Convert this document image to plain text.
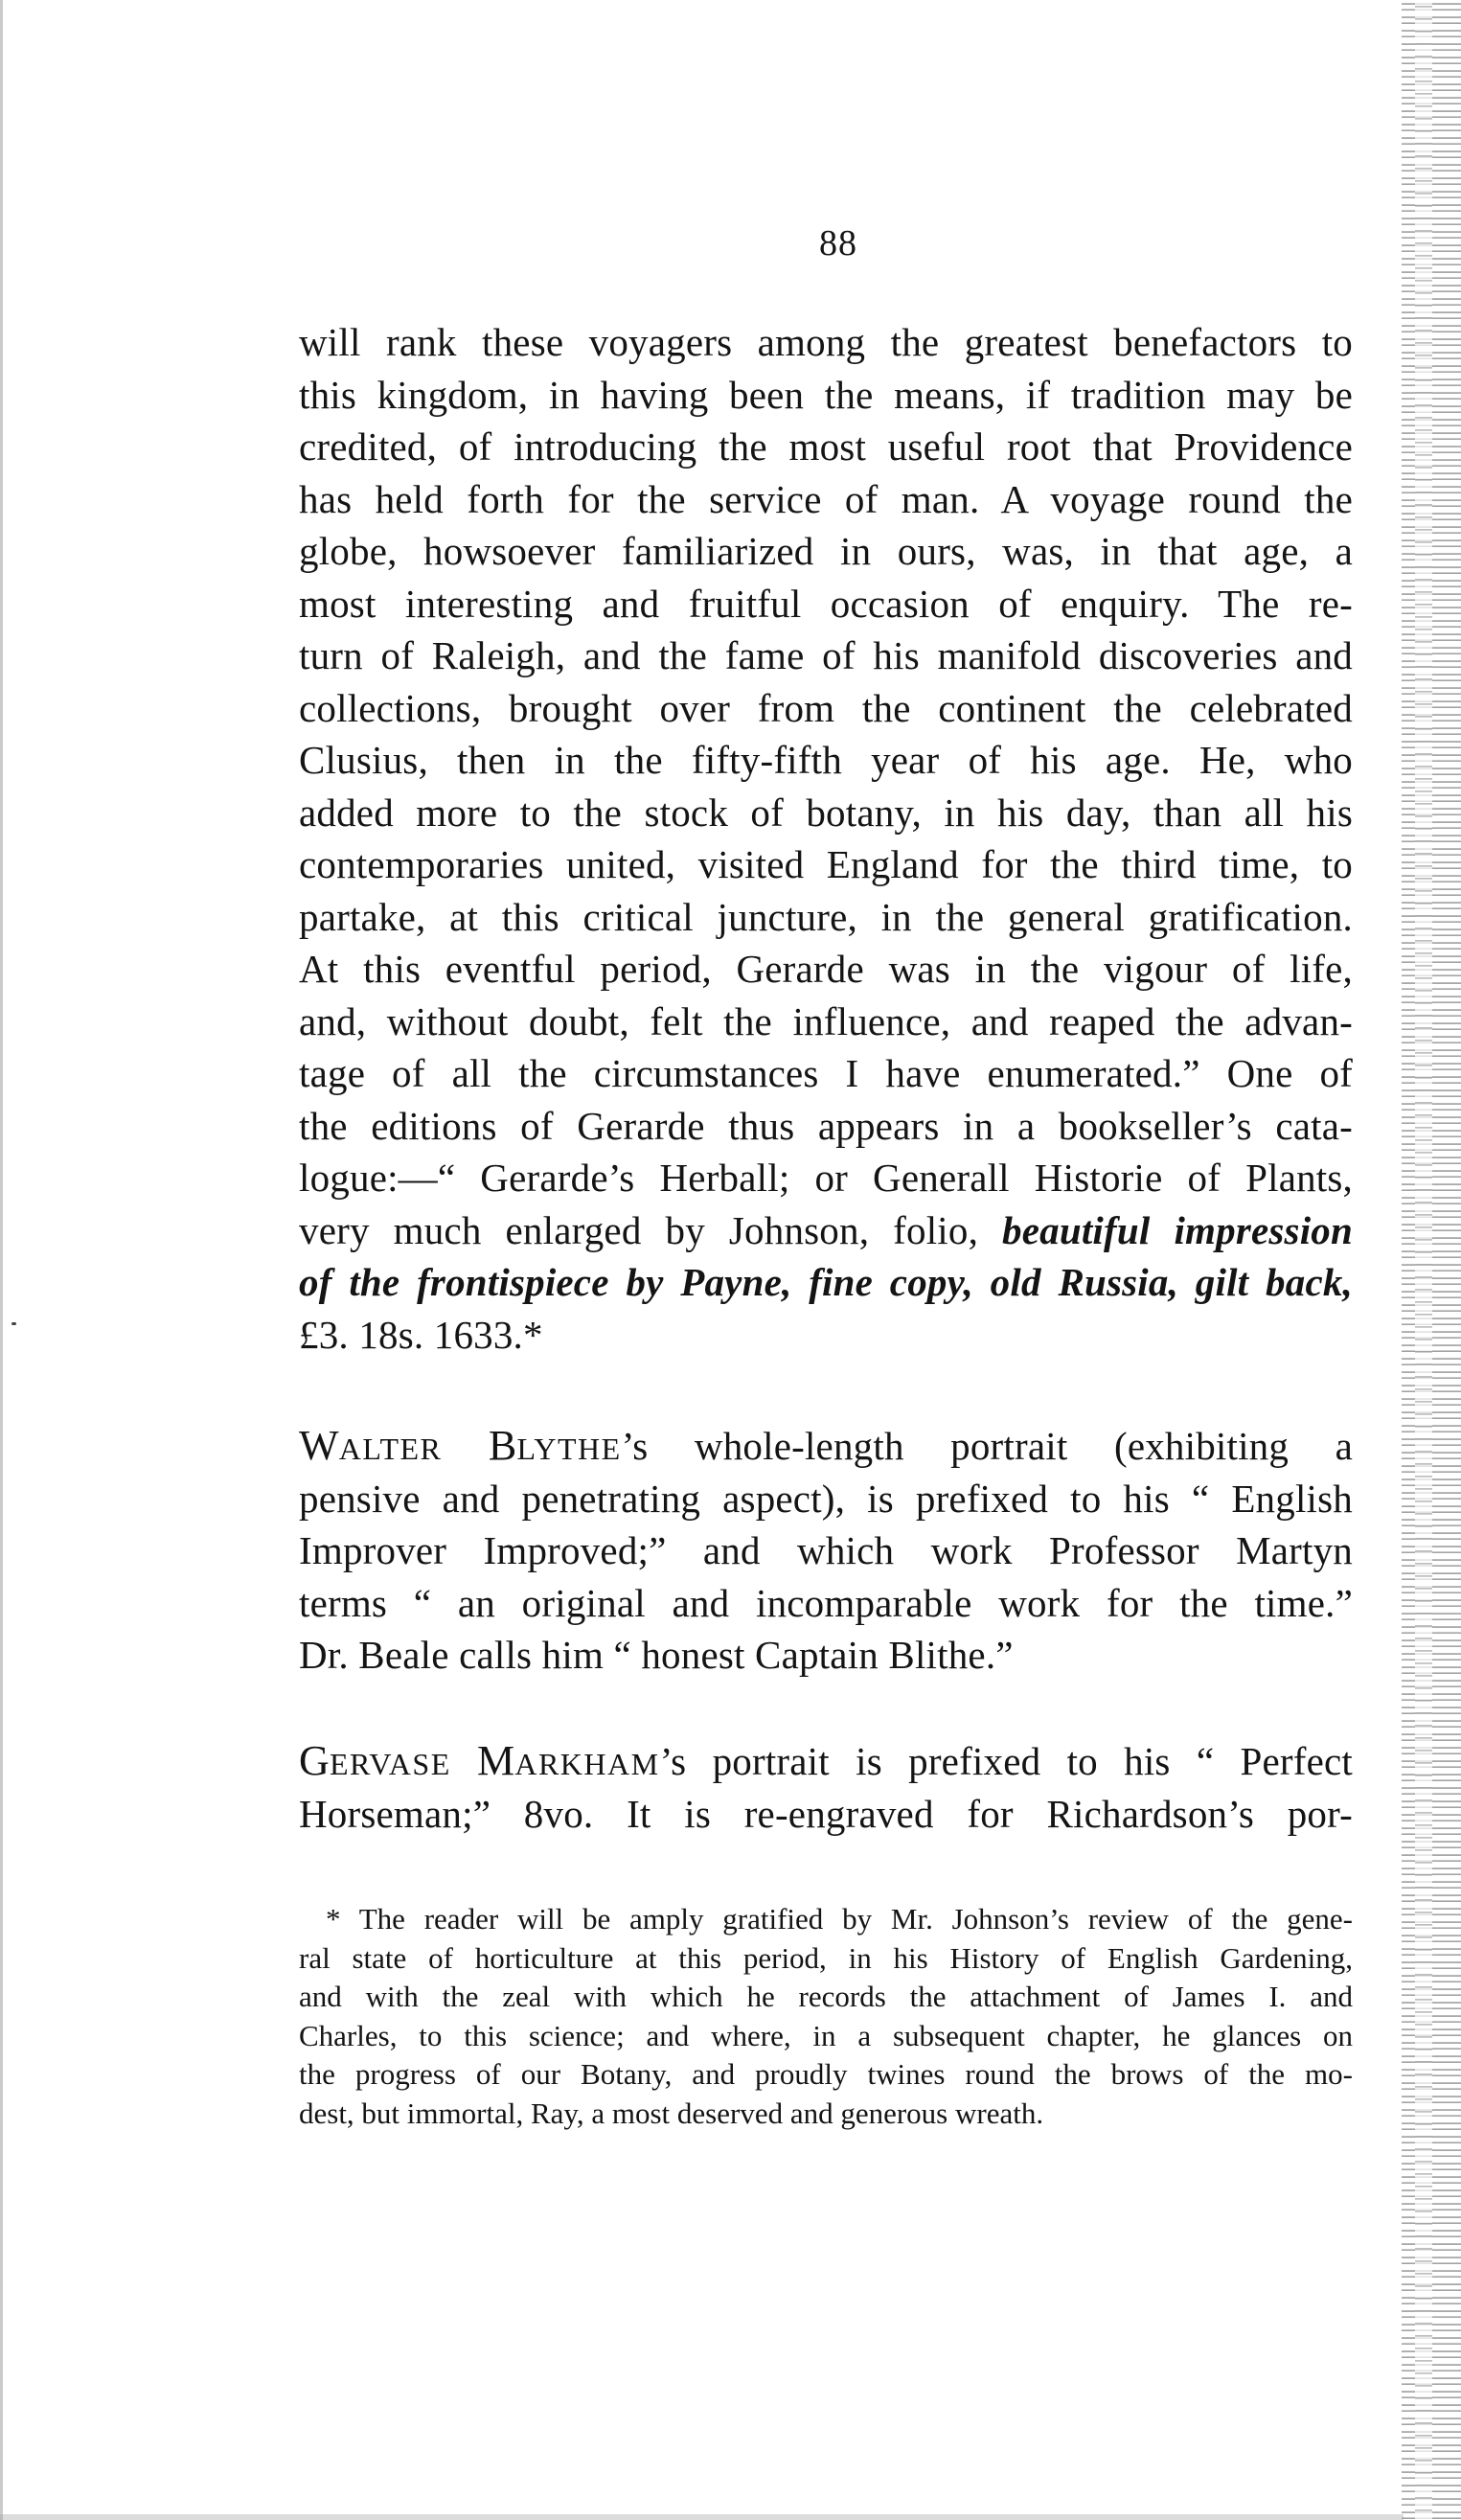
88
will rank these voyagers among the greatest benefactors to
this kingdom, in having been the means, if tradition may be
credited, of introducing the most useful root that Providence
has held forth for the service of man. A voyage round the
globe, howsoever familiarized in ours, was, in that age, a
most interesting and fruitful occasion of enquiry. The re-
turn of Raleigh, and the fame of his manifold discoveries and
collections, brought over from the continent the celebrated
Clusius, then in the fifty-fifth year of his age. He, who
added more to the stock of botany, in his day, than all his
contemporaries united, visited England for the third time, to
partake, at this critical juncture, in the general gratification.
At this eventful period, Gerarde was in the vigour of life,
and, without doubt, felt the influence, and reaped the advan-
tage of all the circumstances I have enumerated.” One of
the editions of Gerarde thus appears in a bookseller’s cata-
logue:—“ Gerarde’s Herball; or Generall Historie of Plants,
very much enlarged by Johnson, folio, beautiful impression
of the frontispiece by Payne, fine copy, old Russia, gilt back,
£3. 18s. 1633.*
WALTER BLYTHE’s whole-length portrait (exhibiting a
pensive and penetrating aspect), is prefixed to his “ English
Improver Improved;” and which work Professor Martyn
terms “ an original and incomparable work for the time.”
Dr. Beale calls him “ honest Captain Blithe.”
GERVASE MARKHAM’s portrait is prefixed to his “ Perfect
Horseman;” 8vo. It is re-engraved for Richardson’s por-
* The reader will be amply gratified by Mr. Johnson’s review of the gene-
ral state of horticulture at this period, in his History of English Gardening,
and with the zeal with which he records the attachment of James I. and
Charles, to this science; and where, in a subsequent chapter, he glances on
the progress of our Botany, and proudly twines round the brows of the mo-
dest, but immortal, Ray, a most deserved and generous wreath.
